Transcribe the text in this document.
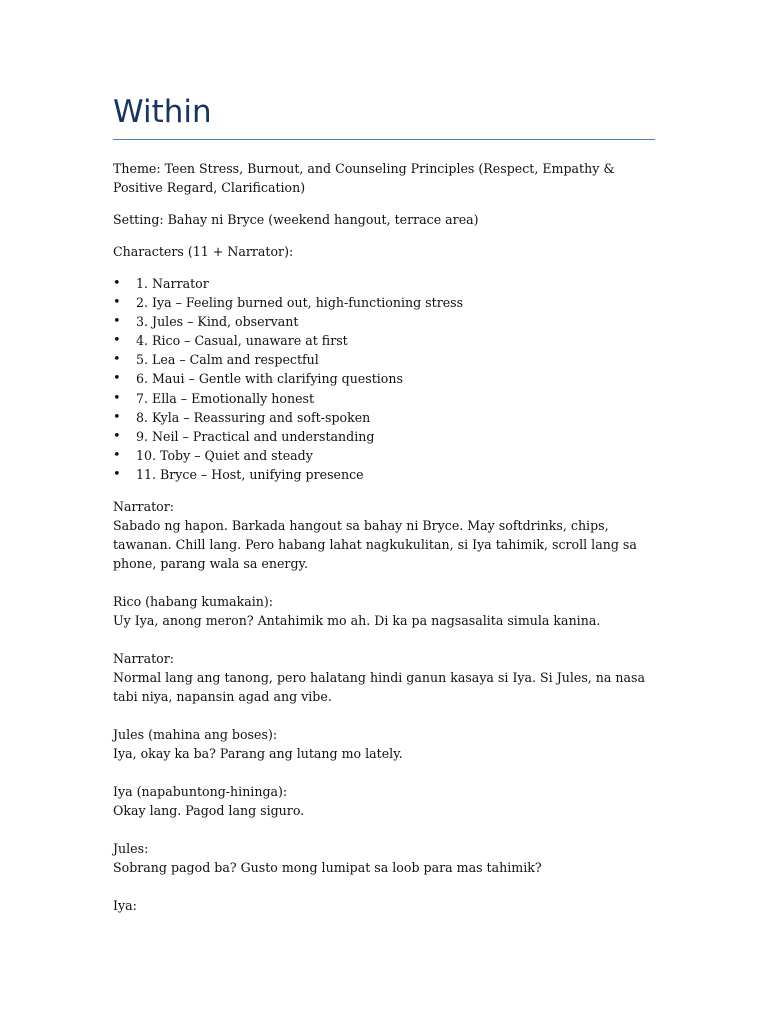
Within

Theme: Teen Stress, Burnout, and Counseling Principles (Respect, Empathy & Positive Regard, Clarification)

Setting: Bahay ni Bryce (weekend hangout, terrace area)

Characters (11 + Narrator):

• 1. Narrator
• 2. Iya – Feeling burned out, high-functioning stress
• 3. Jules – Kind, observant
• 4. Rico – Casual, unaware at first
• 5. Lea – Calm and respectful
• 6. Maui – Gentle with clarifying questions
• 7. Ella – Emotionally honest
• 8. Kyla – Reassuring and soft-spoken
• 9. Neil – Practical and understanding
• 10. Toby – Quiet and steady
• 11. Bryce – Host, unifying presence
Narrator:
Sabado ng hapon. Barkada hangout sa bahay ni Bryce. May softdrinks, chips, tawanan. Chill lang. Pero habang lahat nagkukulitan, si Iya tahimik, scroll lang sa phone, parang wala sa energy.
Rico (habang kumakain):
Uy Iya, anong meron? Antahimik mo ah. Di ka pa nagsasalita simula kanina.
Narrator:
Normal lang ang tanong, pero halatang hindi ganun kasaya si Iya. Si Jules, na nasa tabi niya, napansin agad ang vibe.
Jules (mahina ang boses):
Iya, okay ka ba? Parang ang lutang mo lately.
Iya (napabuntong-hininga):
Okay lang. Pagod lang siguro.
Jules:
Sobrang pagod ba? Gusto mong lumipat sa loob para mas tahimik?
Iya:
